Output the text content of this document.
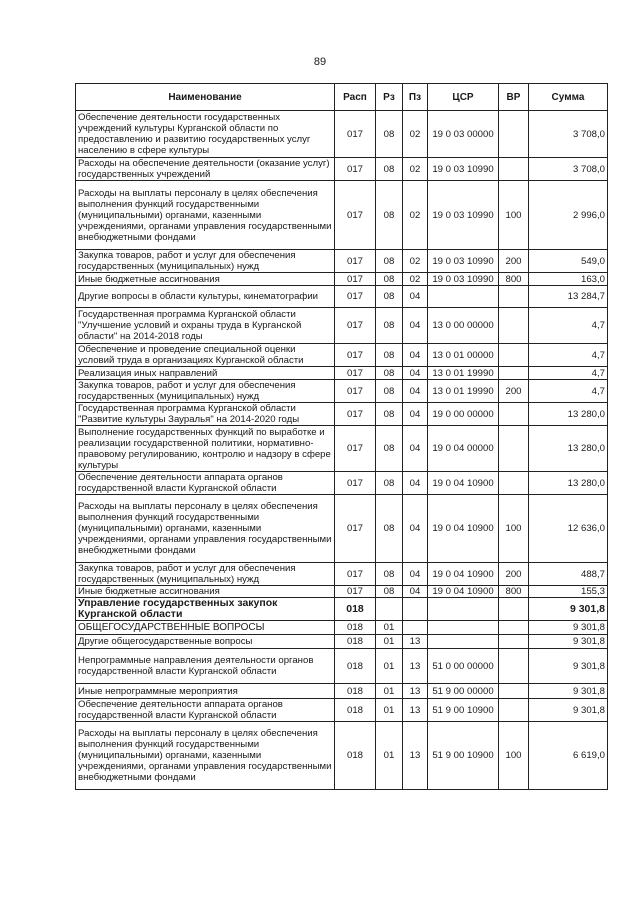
89
Наименование	Расп	Рз	Пз	ЦСР	ВР	Сумма
Обеспечение деятельности государственных учреждений культуры Курганской области по предоставлению и развитию государственных услуг населению в сфере культуры	017	08	02	19 0 03 00000		3 708,0
Расходы на обеспечение деятельности (оказание услуг) государственных учреждений	017	08	02	19 0 03 10990		3 708,0
Расходы на выплаты персоналу в целях обеспечения выполнения функций государственными (муниципальными) органами, казенными учреждениями, органами управления государственными внебюджетными фондами	017	08	02	19 0 03 10990	100	2 996,0
Закупка товаров, работ и услуг для обеспечения государственных (муниципальных) нужд	017	08	02	19 0 03 10990	200	549,0
Иные бюджетные ассигнования	017	08	02	19 0 03 10990	800	163,0
Другие вопросы в области культуры, кинематографии	017	08	04			13 284,7
Государственная программа Курганской области "Улучшение условий и охраны труда в Курганской области" на 2014-2018 годы	017	08	04	13 0 00 00000		4,7
Обеспечение и проведение специальной оценки условий труда в организациях Курганской области	017	08	04	13 0 01 00000		4,7
Реализация иных направлений	017	08	04	13 0 01 19990		4,7
Закупка товаров, работ и услуг для обеспечения государственных (муниципальных) нужд	017	08	04	13 0 01 19990	200	4,7
Государственная программа Курганской области "Развитие культуры Зауралья" на 2014-2020 годы	017	08	04	19 0 00 00000		13 280,0
Выполнение государственных функций по выработке и реализации государственной политики, нормативно-правовому регулированию, контролю и надзору в сфере культуры	017	08	04	19 0 04 00000		13 280,0
Обеспечение деятельности аппарата органов государственной власти Курганской области	017	08	04	19 0 04 10900		13 280,0
Расходы на выплаты персоналу в целях обеспечения выполнения функций государственными (муниципальными) органами, казенными учреждениями, органами управления государственными внебюджетными фондами	017	08	04	19 0 04 10900	100	12 636,0
Закупка товаров, работ и услуг для обеспечения государственных (муниципальных) нужд	017	08	04	19 0 04 10900	200	488,7
Иные бюджетные ассигнования	017	08	04	19 0 04 10900	800	155,3
Управление государственных закупок Курганской области	018					9 301,8
ОБЩЕГОСУДАРСТВЕННЫЕ ВОПРОСЫ	018	01				9 301,8
Другие общегосударственные вопросы	018	01	13			9 301,8
Непрограммные направления деятельности органов государственной власти Курганской области	018	01	13	51 0 00 00000		9 301,8
Иные непрограммные мероприятия	018	01	13	51 9 00 00000		9 301,8
Обеспечение деятельности аппарата органов государственной власти Курганской области	018	01	13	51 9 00 10900		9 301,8
Расходы на выплаты персоналу в целях обеспечения выполнения функций государственными (муниципальными) органами, казенными учреждениями, органами управления государственными внебюджетными фондами	018	01	13	51 9 00 10900	100	6 619,0
